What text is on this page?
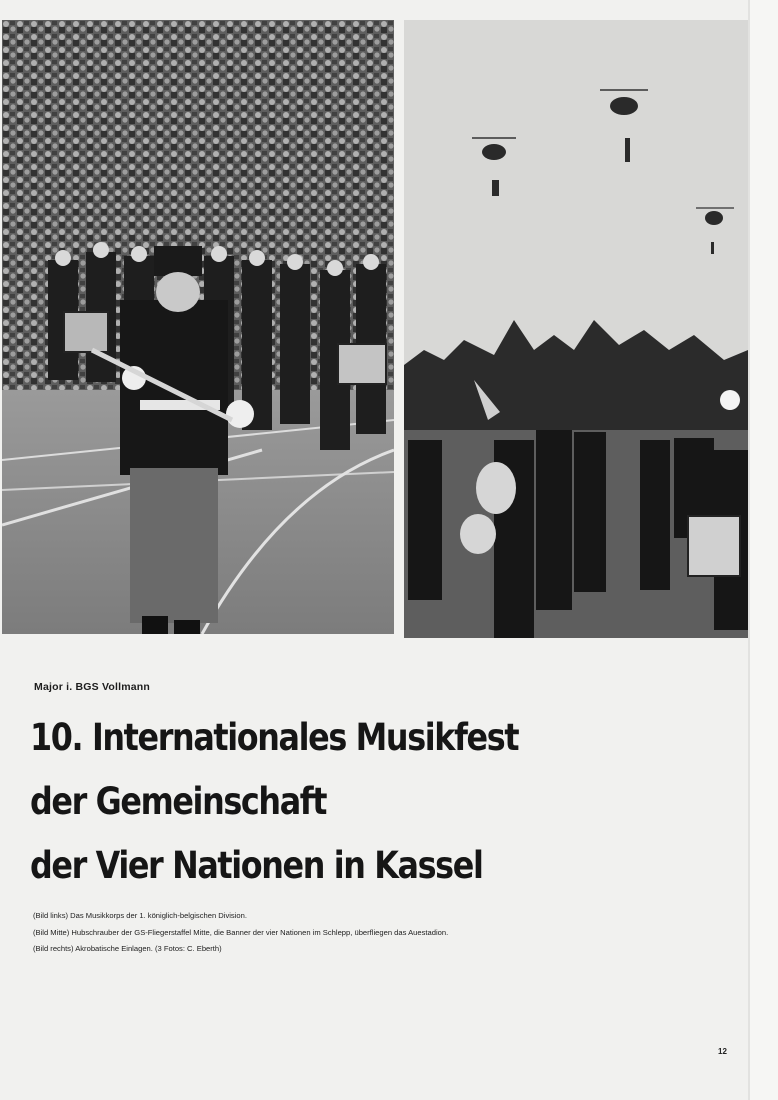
Major i. BGS Vollmann
10. Internationales Musikfest
der Gemeinschaft
der Vier Nationen in Kassel

(Bild links) Das Musikkorps der 1. königlich-belgischen Division.

(Bild Mitte) Hubschrauber der GS-Fliegerstaffel Mitte, die Banner der vier Nationen im Schlepp, überfliegen das Auestadion.

(Bild rechts) Akrobatische Einlagen. (3 Fotos: C. Eberth)

12
